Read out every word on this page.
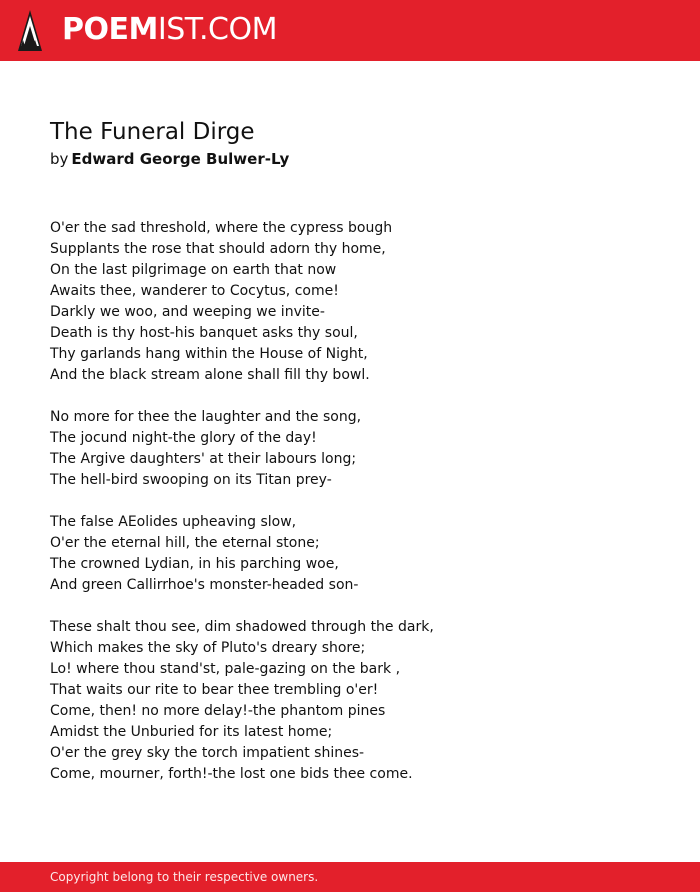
POEMIST.COM
The Funeral Dirge
by Edward George Bulwer-Ly
O'er the sad threshold, where the cypress bough
Supplants the rose that should adorn thy home,
On the last pilgrimage on earth that now
Awaits thee, wanderer to Cocytus, come!
Darkly we woo, and weeping we invite-
Death is thy host-his banquet asks thy soul,
Thy garlands hang within the House of Night,
And the black stream alone shall fill thy bowl.
No more for thee the laughter and the song,
The jocund night-the glory of the day!
The Argive daughters' at their labours long;
The hell-bird swooping on its Titan prey-
The false AEolides upheaving slow,
O'er the eternal hill, the eternal stone;
The crowned Lydian, in his parching woe,
And green Callirrhoe's monster-headed son-
These shalt thou see, dim shadowed through the dark,
Which makes the sky of Pluto's dreary shore;
Lo! where thou stand'st, pale-gazing on the bark ,
That waits our rite to bear thee trembling o'er!
Come, then! no more delay!-the phantom pines
Amidst the Unburied for its latest home;
O'er the grey sky the torch impatient shines-
Come, mourner, forth!-the lost one bids thee come.
Copyright belong to their respective owners.
